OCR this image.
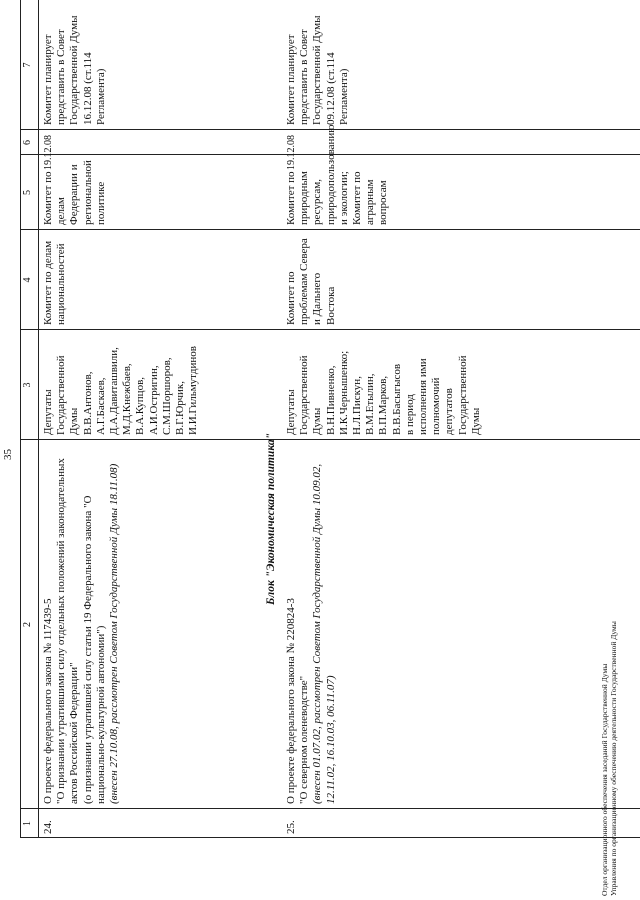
35
1
2
3
4
5
6
7
24.
О проекте федерального закона № 117439-5 "О признании утратившими силу отдельных положений законодательных актов Российской Федерации" (о признании утратившей силу статьи 19 Федерального закона "О национально-культурной автономии") (внесен 27.10.08, рассмотрен Советом Государственной Думы 18.11.08)
Депутаты Государственной Думы В.В.Антонов, А.Г.Баскаев, Д.А.Давиташвили, М.Д.Кнежбаев, В.А.Купцов, А.И.Остригин, С.М.Шоршоров, В.Г.Юрчик, И.И.Гильмутдинов
Комитет по делам национальностей
Комитет по делам Федерации и региональной политике
19.12.08
Комитет планирует представить в Совет Государственной Думы 16.12.08 (ст.114 Регламента)
Блок "Экономическая политика"
25.
О проекте федерального закона № 220824-3 "О северном оленеводстве" (внесен 01.07.02, рассмотрен Советом Государственной Думы 10.09.02, 12.11.02, 16.10.03, 06.11.07)
Депутаты Государственной Думы В.Н.Пивненко, И.К.Чернышенко; Н.Л.Пискун, В.М.Етылин, В.П.Марков, В.В.Басыгысов в период исполнения ими полномочий депутатов Государственной Думы
Комитет по проблемам Севера и Дальнего Востока
Комитет по природным ресурсам, природопользованию и экологии; Комитет по аграрным вопросам
19.12.08
Комитет планирует представить в Совет Государственной Думы 09.12.08 (ст.114 Регламента)
Отдел организационного обеспечения заседаний Государственной Думы Управления по организационному обеспечению деятельности Государственной Думы
